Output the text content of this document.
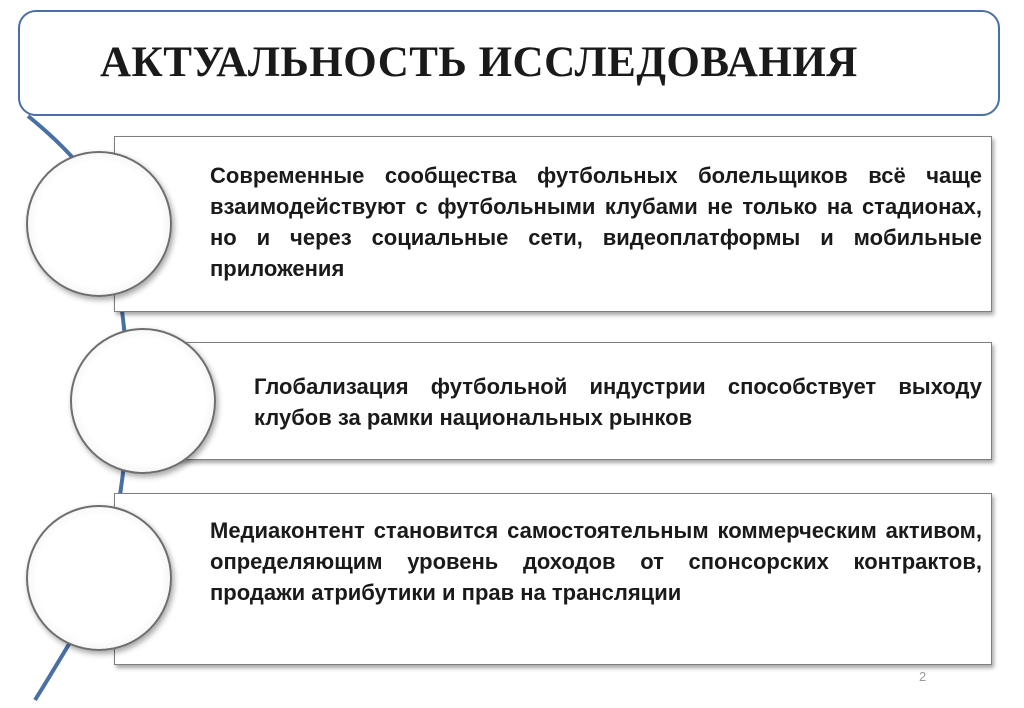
АКТУАЛЬНОСТЬ ИССЛЕДОВАНИЯ

Современные сообщества футбольных болельщиков всё чаще взаимодействуют с футбольными клубами не только на стадионах, но и через социальные сети, видеоплатформы и мобильные приложения

Глобализация футбольной индустрии способствует выходу клубов за рамки национальных рынков

Медиаконтент становится самостоятельным коммерческим активом, определяющим уровень доходов от спонсорских контрактов, продажи атрибутики и прав на трансляции

2
